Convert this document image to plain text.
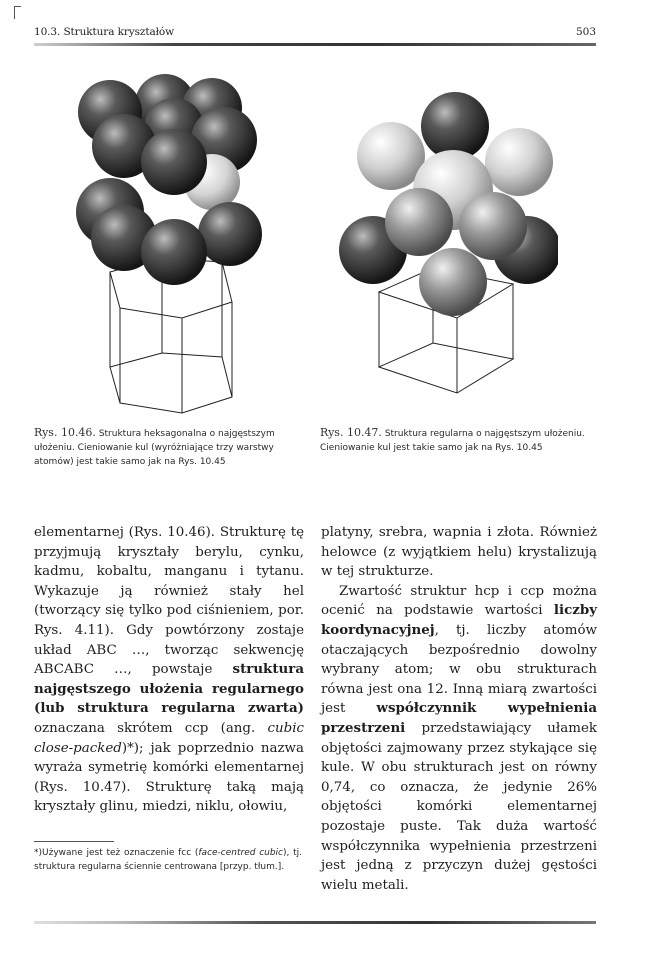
10.3. Struktura kryształów	503
Rys. 10.46. Struktura heksagonalna o najgęstszym ułożeniu. Cieniowanie kul (wyróżniające trzy warstwy atomów) jest takie samo jak na Rys. 10.45
Rys. 10.47. Struktura regularna o najgęstszym ułożeniu. Cieniowanie kul jest takie samo jak na Rys. 10.45

elementarnej (Rys. 10.46). Strukturę tę przyjmują kryształy berylu, cynku, kadmu, kobaltu, manganu i tytanu. Wykazuje ją również stały hel (tworzący się tylko pod ciśnieniem, por. Rys. 4.11). Gdy powtórzony zostaje układ ABC …, tworząc sekwencję ABCABC …, powstaje struktura najgęstszego ułożenia regularnego (lub struktura regularna zwarta) oznaczana skrótem ccp (ang. cubic close-packed)*); jak poprzednio nazwa wyraża symetrię komórki elementarnej (Rys. 10.47). Strukturę taką mają kryształy glinu, miedzi, niklu, ołowiu,

platyny, srebra, wapnia i złota. Również helowce (z wyjątkiem helu) krystalizują w tej strukturze.

Zwartość struktur hcp i ccp można ocenić na podstawie wartości liczby koordynacyjnej, tj. liczby atomów otaczających bezpośrednio dowolny wybrany atom; w obu strukturach równa jest ona 12. Inną miarą zwartości jest współczynnik wypełnienia przestrzeni przedstawiający ułamek objętości zajmowany przez stykające się kule. W obu strukturach jest on równy 0,74, co oznacza, że jedynie 26% objętości komórki elementarnej pozostaje puste. Tak duża wartość współczynnika wypełnienia przestrzeni jest jedną z przyczyn dużej gęstości wielu metali.

*)Używane jest też oznaczenie fcc (face-centred cubic), tj. struktura regularna ściennie centrowana [przyp. tłum.].
